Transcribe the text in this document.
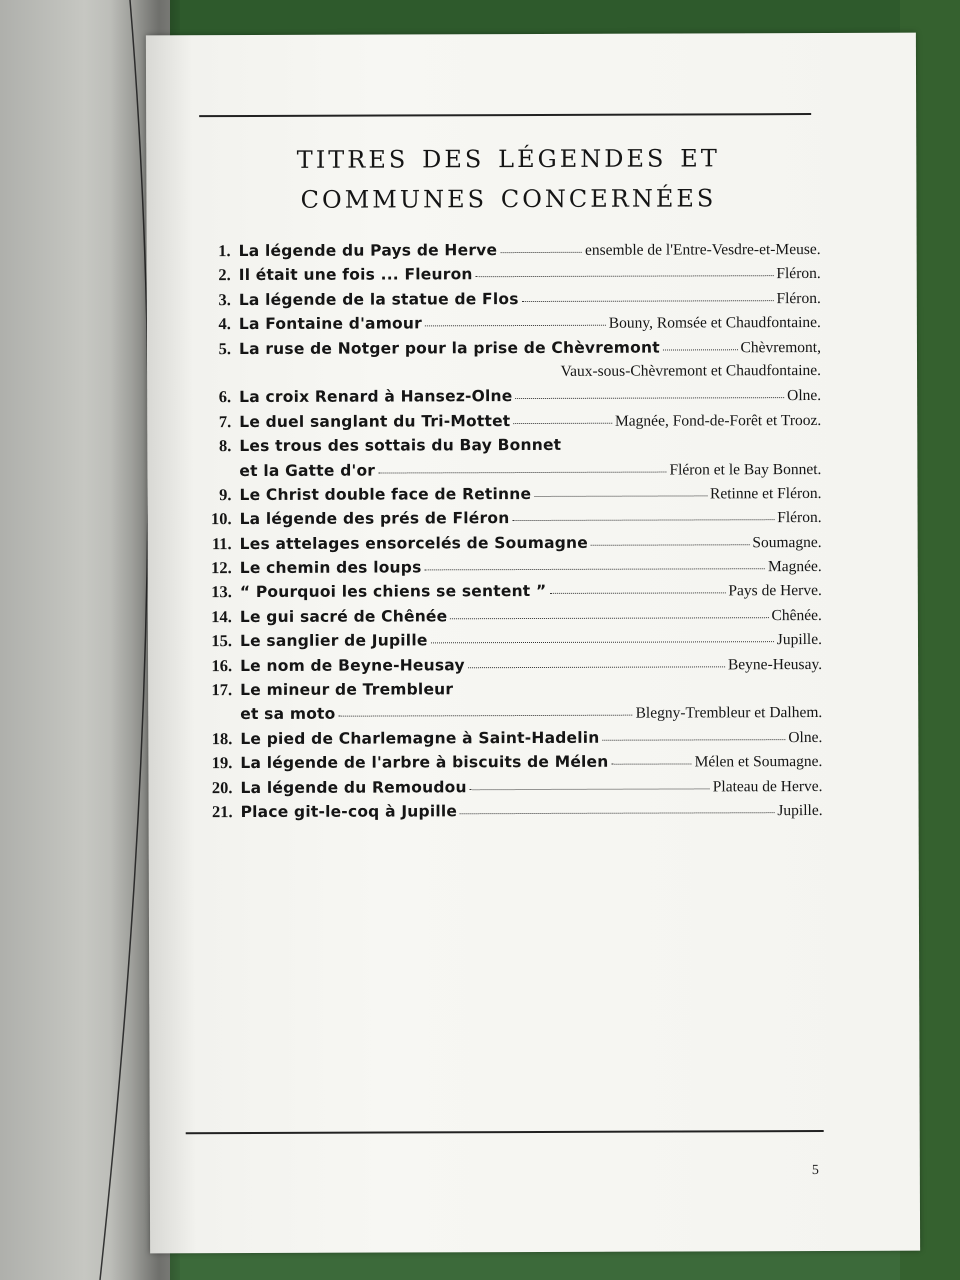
titres des légendes et
communes concernées
1. La légende du Pays de Herve	ensemble de l'Entre-Vesdre-et-Meuse.
2. Il était une fois ... Fleuron	Fléron.
3. La légende de la statue de Flos	Fléron.
4. La Fontaine d'amour	Bouny, Romsée et Chaudfontaine.
5. La ruse de Notger pour la prise de Chèvremont	Chèvremont,
Vaux-sous-Chèvremont et Chaudfontaine.
6. La croix Renard à Hansez-Olne	Olne.
7. Le duel sanglant du Tri-Mottet	Magnée, Fond-de-Forêt et Trooz.
8. Les trous des sottais du Bay Bonnet
et la Gatte d'or	Fléron et le Bay Bonnet.
9. Le Christ double face de Retinne	Retinne et Fléron.
10. La légende des prés de Fléron	Fléron.
11. Les attelages ensorcelés de Soumagne	Soumagne.
12. Le chemin des loups	Magnée.
13. “ Pourquoi les chiens se sentent ”	Pays de Herve.
14. Le gui sacré de Chênée	Chênée.
15. Le sanglier de Jupille	Jupille.
16. Le nom de Beyne-Heusay	Beyne-Heusay.
17. Le mineur de Trembleur
et sa moto	Blegny-Trembleur et Dalhem.
18. Le pied de Charlemagne à Saint-Hadelin	Olne.
19. La légende de l'arbre à biscuits de Mélen	Mélen et Soumagne.
20. La légende du Remoudou	Plateau de Herve.
21. Place git-le-coq à Jupille	Jupille.
5
